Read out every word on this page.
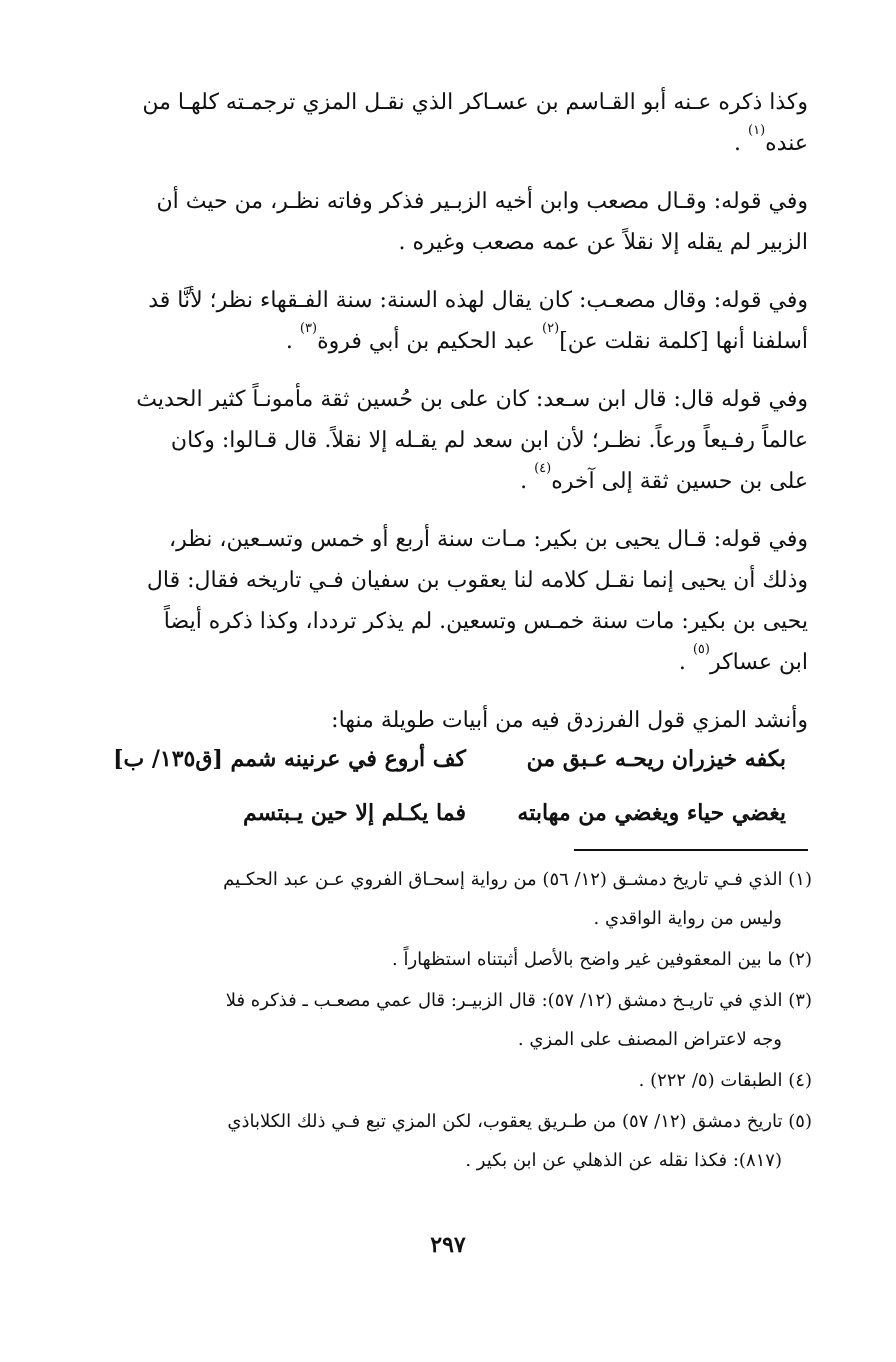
وكذا ذكره عـنه أبو القـاسم بن عسـاكر الذي نقـل المزي ترجمـته كلهـا من
عنده$^{(١)}$ .

وفي قوله: وقـال مصعب وابن أخيه الزبـير فذكر وفاته نظـر، من حيث أن
الزبير لم يقله إلا نقلاً عن عمه مصعب وغيره .

وفي قوله: وقال مصعـب: كان يقال لهذه السنة: سنة الفـقهاء نظر؛ لأنَّا قد
أسلفنا أنها [كلمة نقلت عن]$^{(٢)}$ عبد الحكيم بن أبي فروة$^{(٣)}$ .

وفي قوله قال: قال ابن سـعد: كان على بن حُسين ثقة مأمونـاً كثير الحديث
عالماً رفـيعاً ورعاً. نظـر؛ لأن ابن سعد لم يقـله إلا نقلاً. قال قـالوا: وكان
على بن حسين ثقة إلى آخره$^{(٤)}$ .

وفي قوله: قـال يحيى بن بكير: مـات سنة أربع أو خمس وتسـعين، نظر،
وذلك أن يحيى إنما نقـل كلامه لنا يعقوب بن سفيان فـي تاريخه فقال: قال
يحيى بن بكير: مات سنة خمـس وتسعين. لم يذكر ترددا، وكذا ذكره أيضاً
ابن عساكر$^{(٥)}$ .

وأنشد المزي قول الفرزدق فيه من أبيات طويلة منها:

بكفه خيزران ريحـه عـبق من
كف أروع في عرنينه شمم [ق١٣٥/ ب]
يغضي حياء ويغضي من مهابته
فما يكـلم إلا حين يـبتسم
(١) الذي فـي تاريخ دمشـق (١٢/ ٥٦) من رواية إسحـاق الفروي عـن عبد الحكـيم
وليس من رواية الواقدي .
(٢) ما بين المعقوفين غير واضح بالأصل أثبتناه استظهاراً .
(٣) الذي في تاريـخ دمشق (١٢/ ٥٧): قال الزبيـر: قال عمي مصعـب ـ فذكره فلا
وجه لاعتراض المصنف على المزي .
(٤) الطبقات (٥/ ٢٢٢) .
(٥) تاريخ دمشق (١٢/ ٥٧) من طـريق يعقوب، لكن المزي تبع فـي ذلك الكلاباذي
(٨١٧): فكذا نقله عن الذهلي عن ابن بكير .
٢٩٧
